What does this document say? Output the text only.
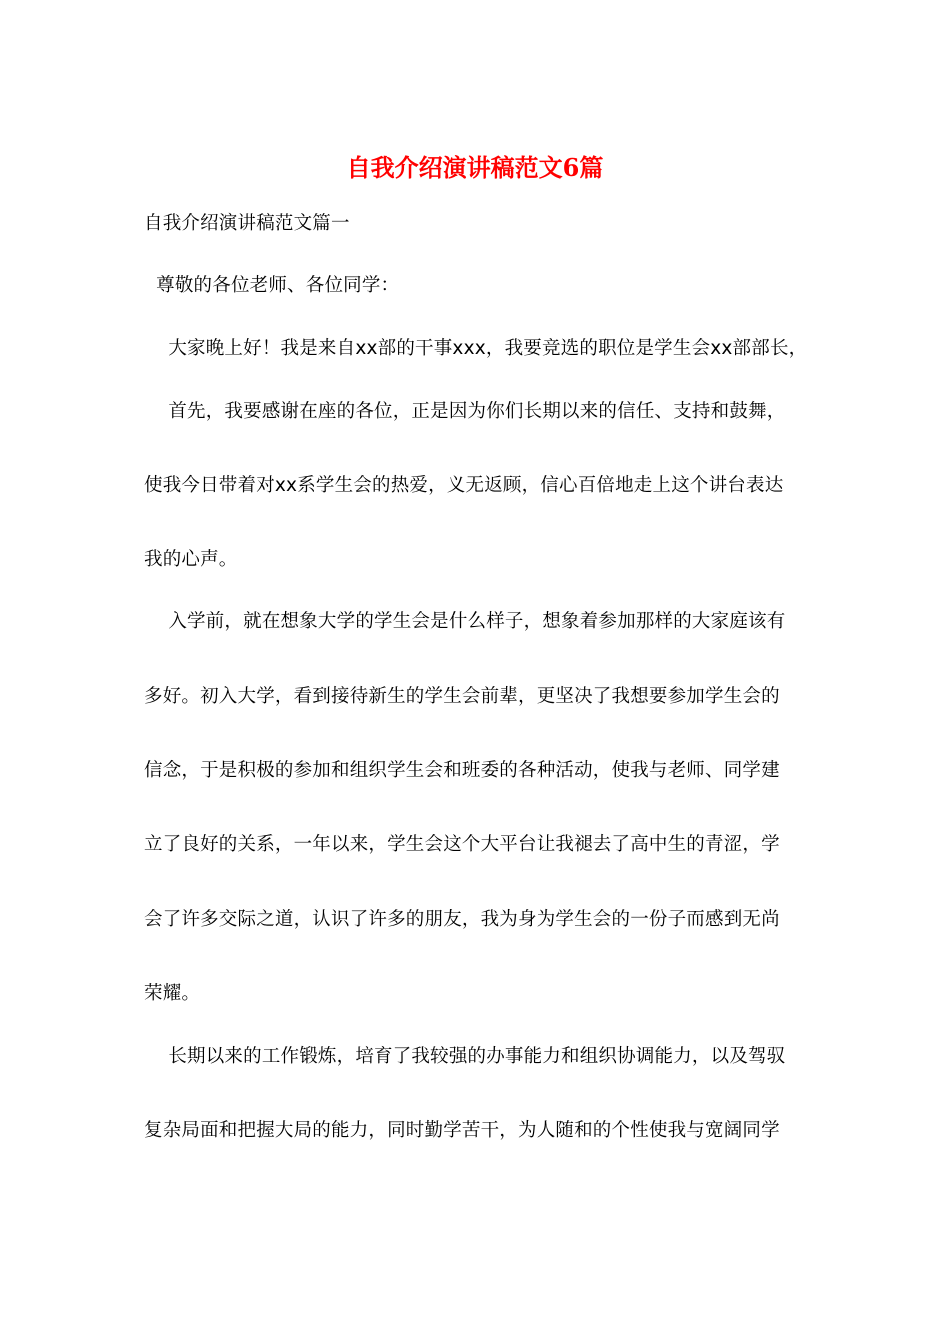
自我介绍演讲稿范文6篇
自我介绍演讲稿范文篇一
尊敬的各位老师、各位同学：
大家晚上好！我是来自xx部的干事xxx，我要竞选的职位是学生会xx部部长，
首先，我要感谢在座的各位，正是因为你们长期以来的信任、支持和鼓舞，
使我今日带着对xx系学生会的热爱，义无返顾，信心百倍地走上这个讲台表达
我的心声。
入学前，就在想象大学的学生会是什么样子，想象着参加那样的大家庭该有
多好。初入大学，看到接待新生的学生会前辈，更坚决了我想要参加学生会的
信念，于是积极的参加和组织学生会和班委的各种活动，使我与老师、同学建
立了良好的关系，一年以来，学生会这个大平台让我褪去了高中生的青涩，学
会了许多交际之道，认识了许多的朋友，我为身为学生会的一份子而感到无尚
荣耀。
长期以来的工作锻炼，培育了我较强的办事能力和组织协调能力，以及驾驭
复杂局面和把握大局的能力，同时勤学苦干，为人随和的个性使我与宽阔同学
